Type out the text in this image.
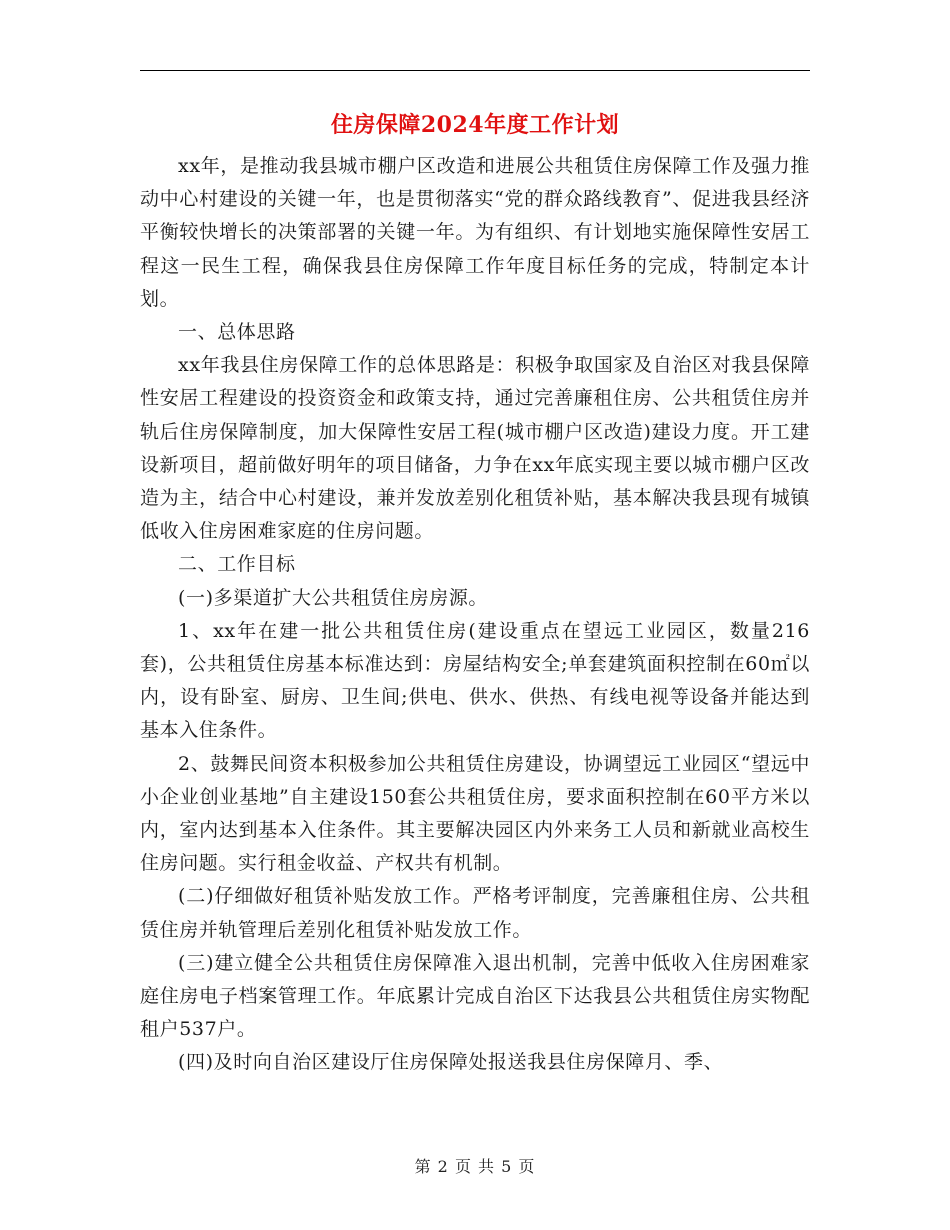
住房保障2024年度工作计划

xx年，是推动我县城市棚户区改造和进展公共租赁住房保障工作及强力推动中心村建设的关键一年，也是贯彻落实“党的群众路线教育”、促进我县经济平衡较快增长的决策部署的关键一年。为有组织、有计划地实施保障性安居工程这一民生工程，确保我县住房保障工作年度目标任务的完成，特制定本计划。

一、总体思路

xx年我县住房保障工作的总体思路是：积极争取国家及自治区对我县保障性安居工程建设的投资资金和政策支持，通过完善廉租住房、公共租赁住房并轨后住房保障制度，加大保障性安居工程(城市棚户区改造)建设力度。开工建设新项目，超前做好明年的项目储备，力争在xx年底实现主要以城市棚户区改造为主，结合中心村建设，兼并发放差别化租赁补贴，基本解决我县现有城镇低收入住房困难家庭的住房问题。

二、工作目标

(一)多渠道扩大公共租赁住房房源。

1、xx年在建一批公共租赁住房(建设重点在望远工业园区，数量216套)，公共租赁住房基本标准达到：房屋结构安全;单套建筑面积控制在60㎡以内，设有卧室、厨房、卫生间;供电、供水、供热、有线电视等设备并能达到基本入住条件。

2、鼓舞民间资本积极参加公共租赁住房建设，协调望远工业园区“望远中小企业创业基地”自主建设150套公共租赁住房，要求面积控制在60平方米以内，室内达到基本入住条件。其主要解决园区内外来务工人员和新就业高校生住房问题。实行租金收益、产权共有机制。

(二)仔细做好租赁补贴发放工作。严格考评制度，完善廉租住房、公共租赁住房并轨管理后差别化租赁补贴发放工作。

(三)建立健全公共租赁住房保障准入退出机制，完善中低收入住房困难家庭住房电子档案管理工作。年底累计完成自治区下达我县公共租赁住房实物配租户537户。

(四)及时向自治区建设厅住房保障处报送我县住房保障月、季、

第 2 页 共 5 页
